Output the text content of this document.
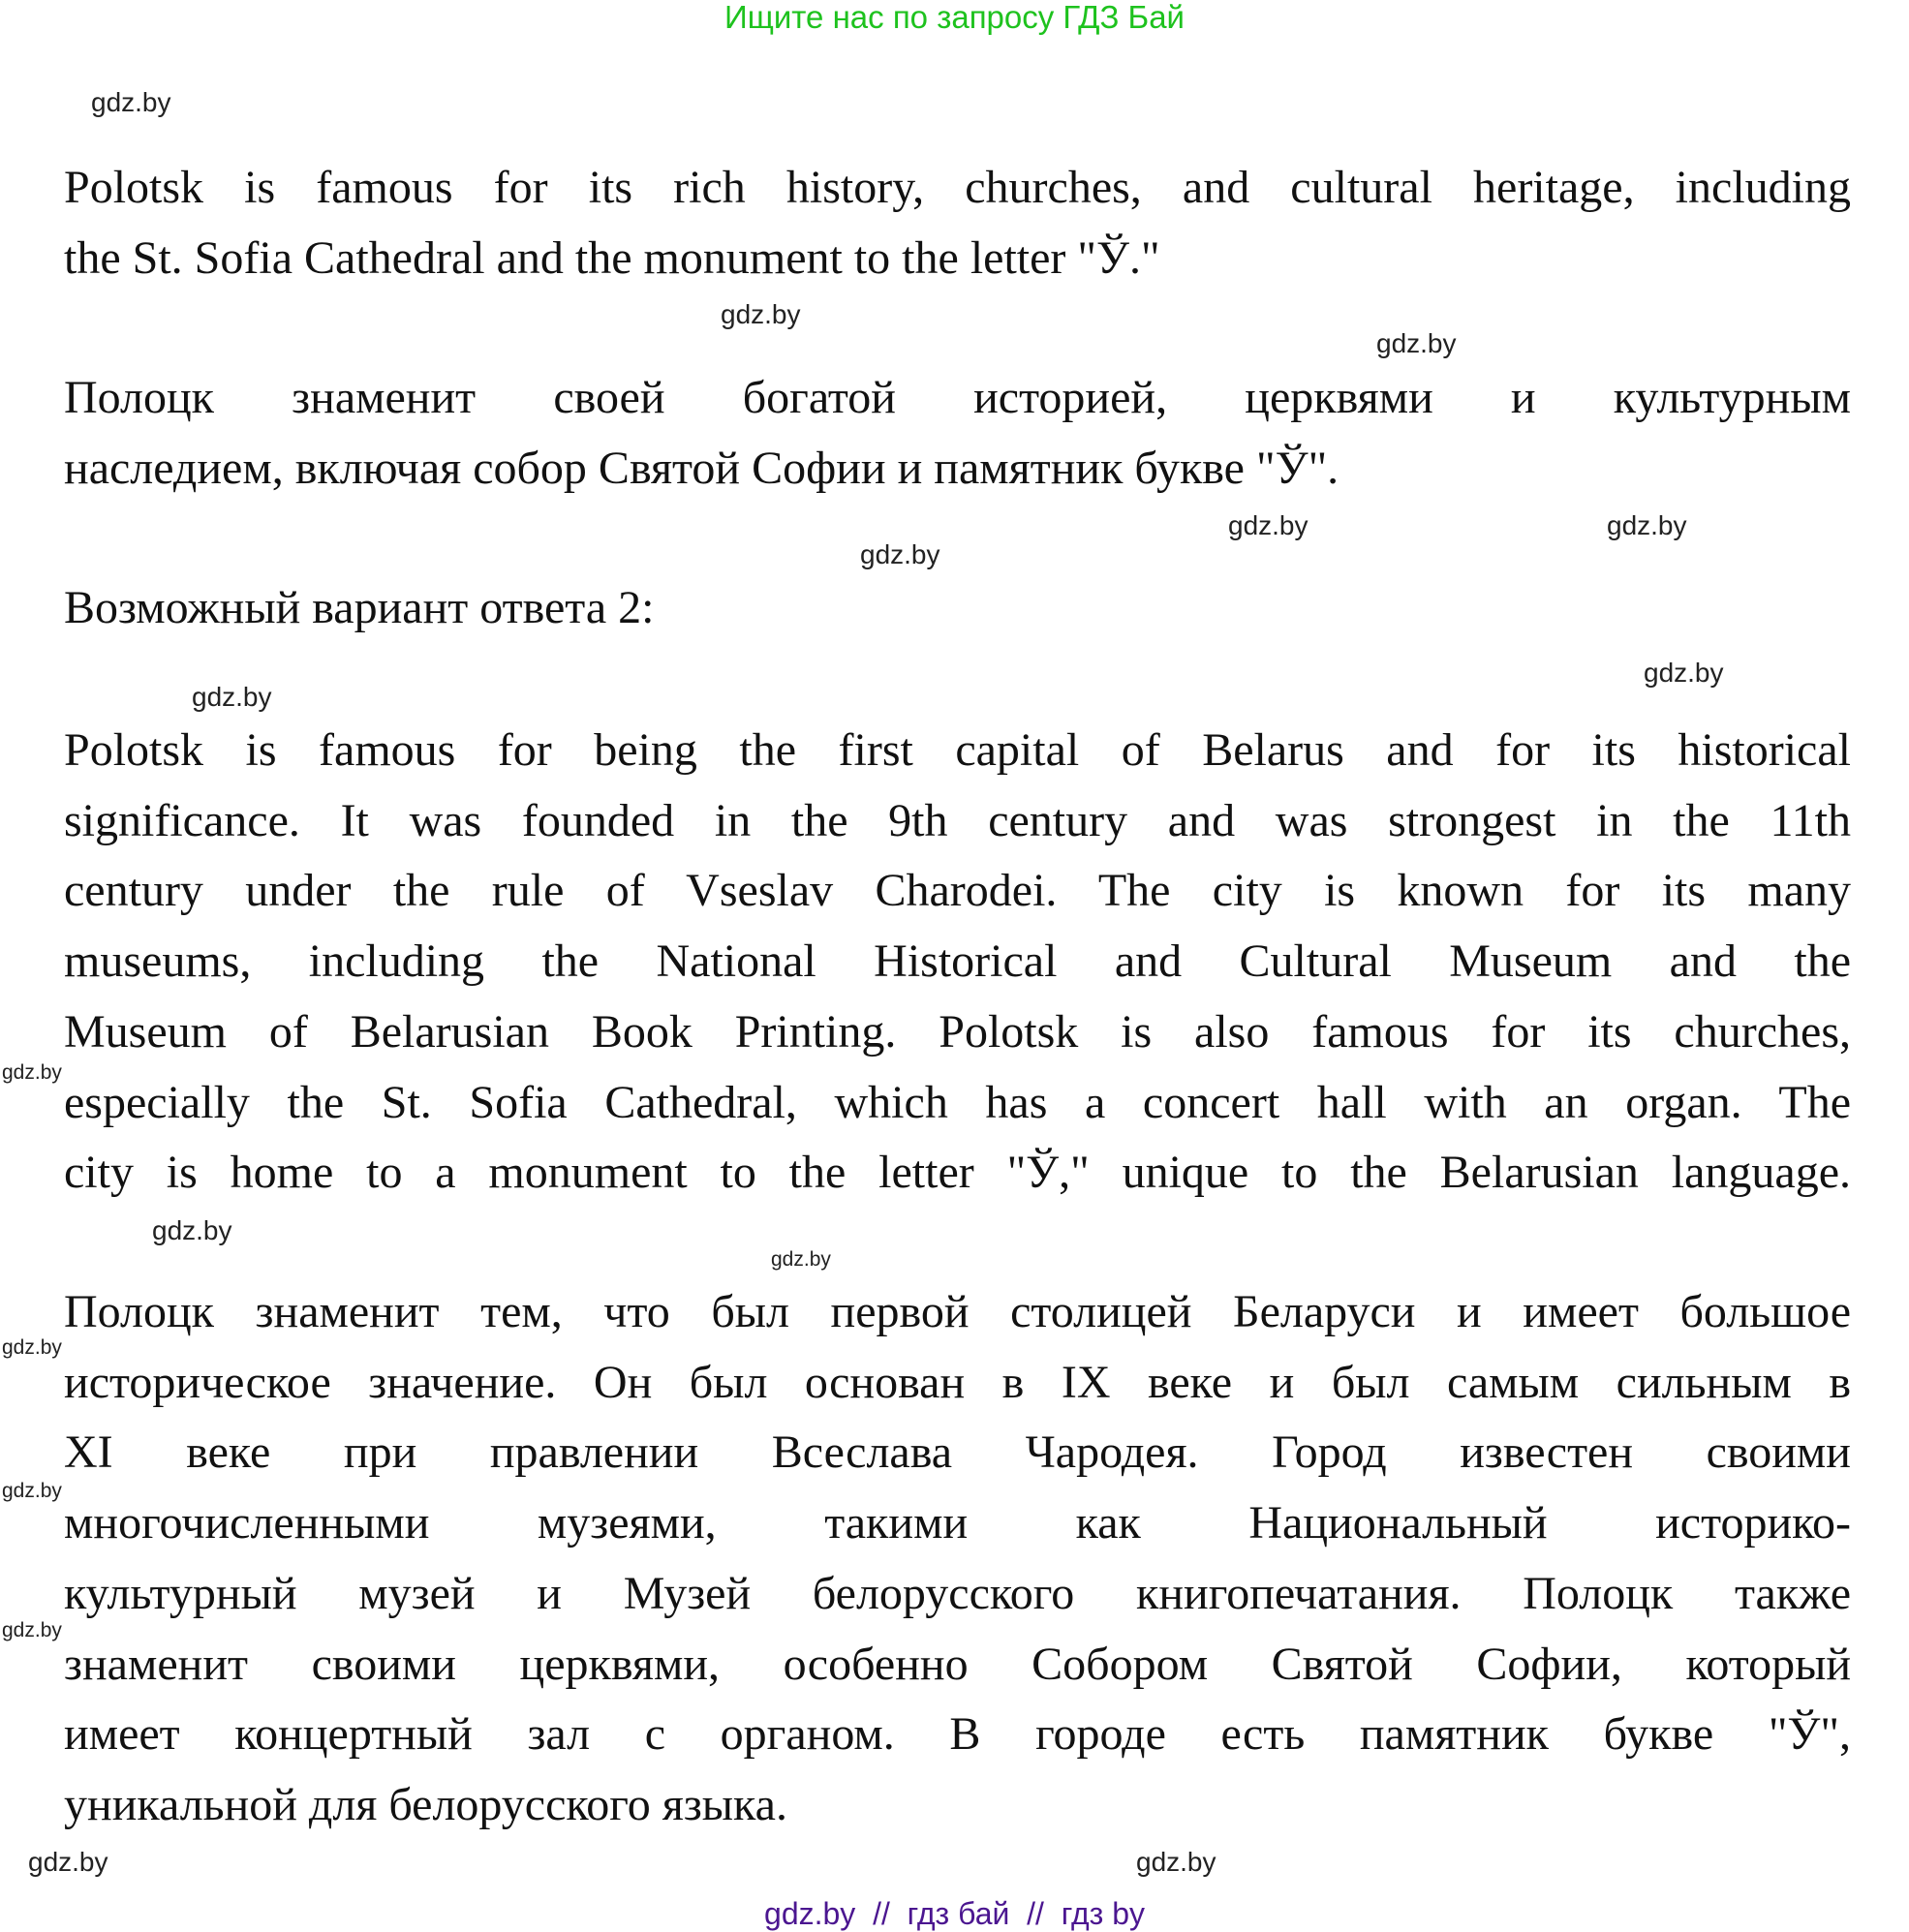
Ищите нас по запросу ГДЗ Бай
Polotsk is famous for its rich history, churches, and cultural heritage, including
the St. Sofia Cathedral and the monument to the letter "Ў."
Полоцк знаменит своей богатой историей, церквями и культурным
наследием, включая собор Святой Софии и памятник букве "Ў".
Возможный вариант ответа 2:
Polotsk is famous for being the first capital of Belarus and for its historical
significance. It was founded in the 9th century and was strongest in the 11th
century under the rule of Vseslav Charodei. The city is known for its many
museums, including the National Historical and Cultural Museum and the
Museum of Belarusian Book Printing. Polotsk is also famous for its churches,
especially the St. Sofia Cathedral, which has a concert hall with an organ. The
city is home to a monument to the letter "Ў," unique to the Belarusian language.
Полоцк знаменит тем, что был первой столицей Беларуси и имеет большое
историческое значение. Он был основан в IX веке и был самым сильным в
XI веке при правлении Всеслава Чародея. Город известен своими
многочисленными музеями, такими как Национальный историко-
культурный музей и Музей белорусского книгопечатания. Полоцк также
знаменит своими церквями, особенно Собором Святой Софии, который
имеет концертный зал с органом. В городе есть памятник букве "Ў",
уникальной для белорусского языка.
gdz.by
gdz.by
gdz.by
gdz.by
gdz.by
gdz.by
gdz.by
gdz.by
gdz.by
gdz.by
gdz.by
gdz.by
gdz.by
gdz.by
gdz.by
gdz.by
gdz.by  //  гдз бай  //  гдз by
